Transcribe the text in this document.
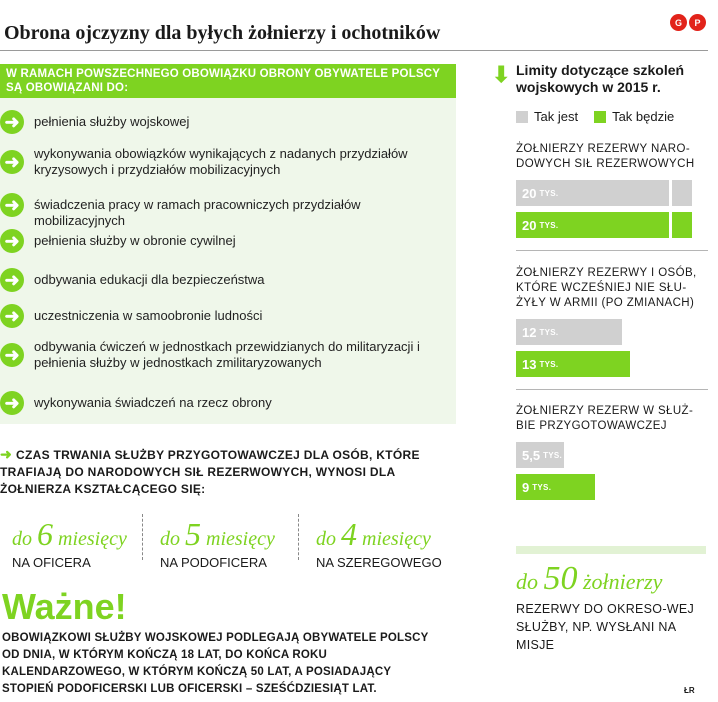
G	P
Obrona ojczyzny dla byłych żołnierzy i ochotników
W RAMACH POWSZECHNEGO OBOWIĄZKU OBRONY OBYWATELE POLSCY SĄ OBOWIĄZANI DO:
➜	pełnienia służby wojskowej
➜	wykonywania obowiązków wynikających z nadanych przydziałów kryzysowych i przydziałów mobilizacyjnych
➜	świadczenia pracy w ramach pracowniczych przydziałów mobilizacyjnych
➜	pełnienia służby w obronie cywilnej
➜	odbywania edukacji dla bezpieczeństwa
➜	uczestniczenia w samoobronie ludności
➜	odbywania ćwiczeń w jednostkach przewidzianych do militaryzacji i pełnienia służby w jednostkach zmilitaryzowanych
➜	wykonywania świadczeń na rzecz obrony
➜ CZAS TRWANIA SŁUŻBY PRZYGOTOWAWCZEJ DLA OSÓB, KTÓRE TRAFIAJĄ DO NARODOWYCH SIŁ REZERWOWYCH, WYNOSI DLA ŻOŁNIERZA KSZTAŁCĄCEGO SIĘ:
do 6 miesięcy
NA OFICERA
do 5 miesięcy
NA PODOFICERA
do 4 miesięcy
NA SZEREGOWEGO
Ważne!
OBOWIĄZKOWI SŁUŻBY WOJSKOWEJ PODLEGAJĄ OBYWATELE POLSCY OD DNIA, W KTÓRYM KOŃCZĄ 18 LAT, DO KOŃCA ROKU KALENDARZOWEGO, W KTÓRYM KOŃCZĄ 50 LAT, A POSIADAJĄCY STOPIEŃ PODOFICERSKI LUB OFICERSKI – SZEŚĆDZIESIĄT LAT.
⬇ Limity dotyczące szkoleń wojskowych w 2015 r.
Tak jest	Tak będzie
ŻOŁNIERZY REZERWY NARO-
DOWYCH SIŁ REZERWOWYCH
20 TYS.
20 TYS.
ŻOŁNIERZY REZERWY I OSÓB,
KTÓRE WCZEŚNIEJ NIE SŁU-
ŻYŁY W ARMII (PO ZMIANACH)
12 TYS.
13 TYS.
ŻOŁNIERZY REZERW W SŁUŻ-
BIE PRZYGOTOWAWCZEJ
5,5 TYS.
9 TYS.
do 50 żołnierzy
REZERWY DO OKRESO-WEJ SŁUŻBY, NP. WYSŁANI NA MISJE
ŁR
